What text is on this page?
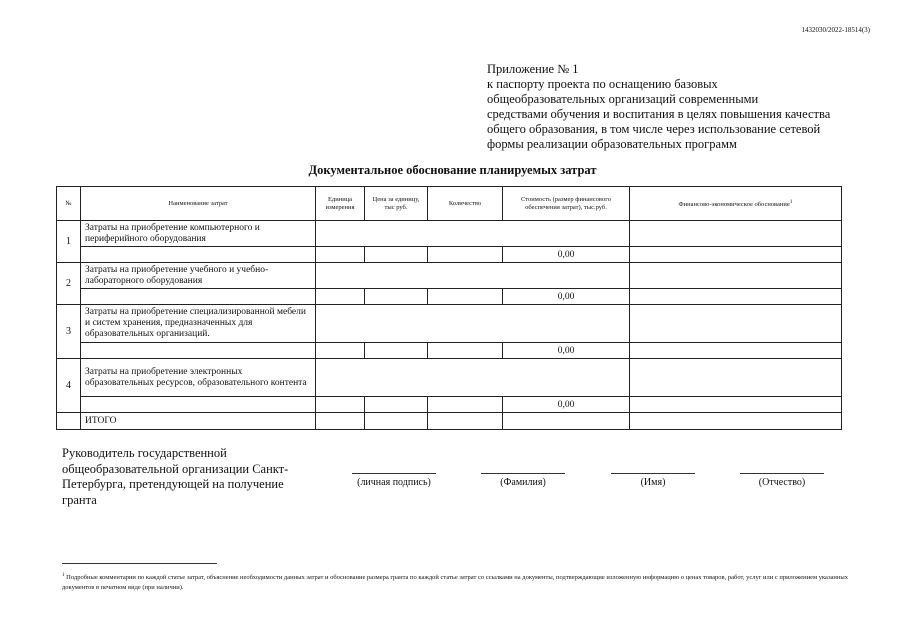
1432030/2022-18514(3)
Приложение № 1
к паспорту проекта по оснащению базовых
общеобразовательных организаций современными
средствами обучения и воспитания в целях повышения качества
общего образования, в том числе через использование сетевой
формы реализации образовательных программ
Документальное обоснование планируемых затрат
№	Наименование затрат	Единица измерения	Цена за единицу, тыс руб.	Количество	Стоимость (размер финансового обеспечения затрат), тыс.руб.	Финансово-экономическое обоснование$^1$
1	Затраты на приобретение компьютерного и периферийного оборудования					
					0,00	
2	Затраты на приобретение учебного и учебно-лабораторного оборудования					
					0,00	
3	Затраты на приобретение специализированной мебели и систем хранения, предназначенных для образовательных организаций.					
					0,00	
4	Затраты на приобретение электронных образовательных ресурсов, образовательного контента					
					0,00	
	ИТОГО					
Руководитель государственной общеобразовательной организации Санкт-Петербурга, претендующей на получение гранта
(личная подпись)	(Фамилия)	(Имя)	(Отчество)
$^1$ Подробные комментарии по каждой статье затрат, объяснение необходимости данных затрат и обоснование размера гранта по каждой статье затрат со ссылками на документы, подтверждающие изложенную информацию о ценах товаров, работ, услуг или с приложением указанных документов в печатном виде (при наличии).
